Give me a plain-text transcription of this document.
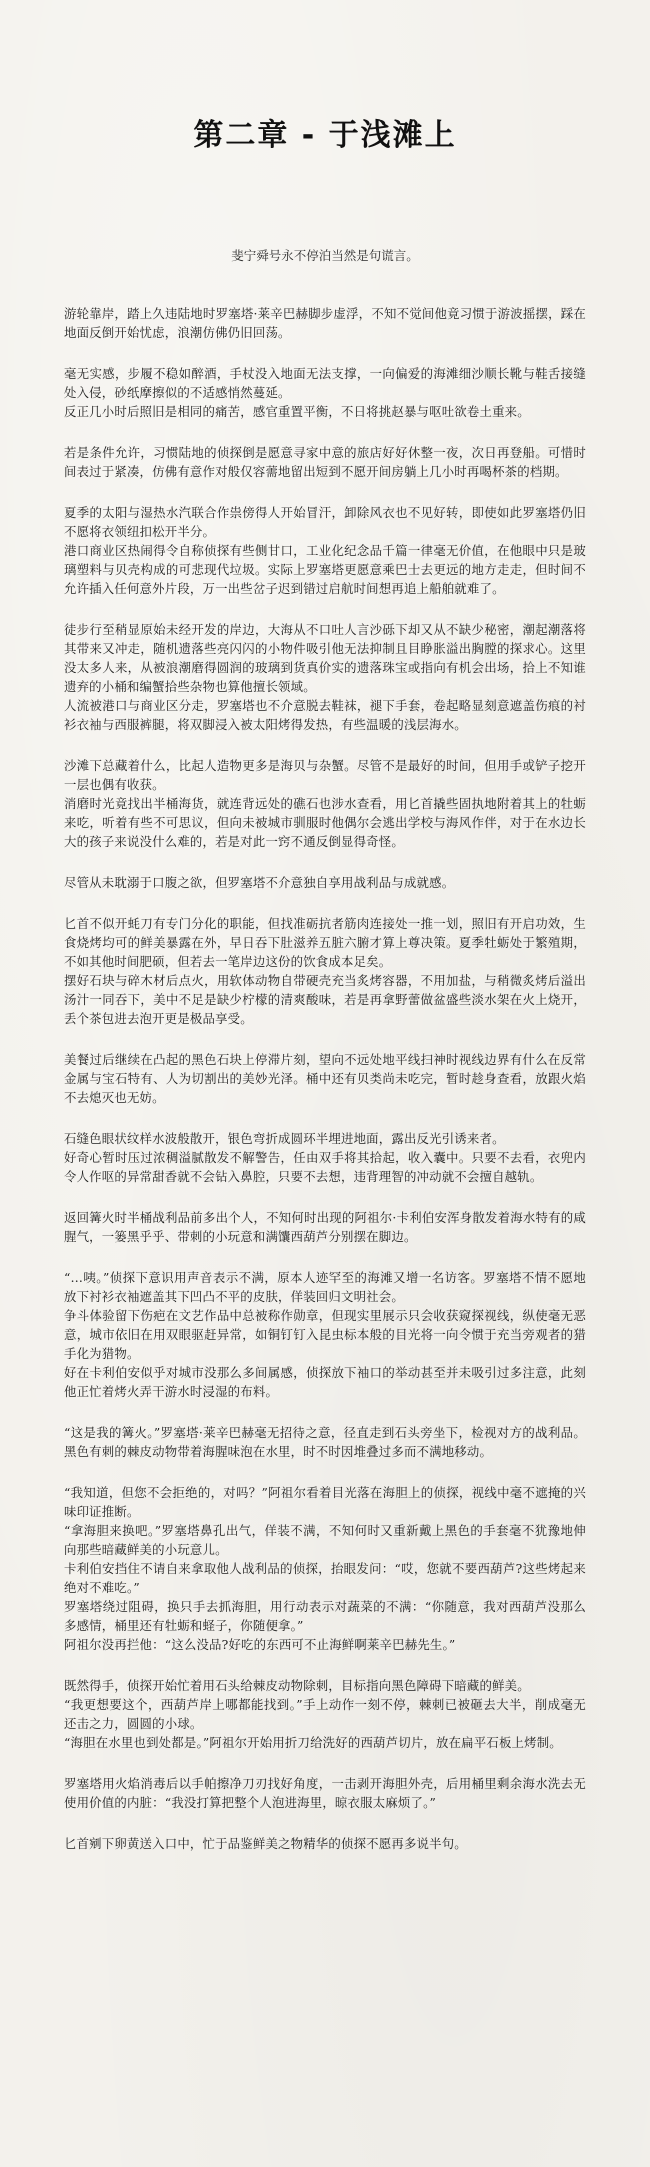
第二章 - 于浅滩上

斐宁舜号永不停泊当然是句谎言。

游轮靠岸，踏上久违陆地时罗塞塔·莱辛巴赫脚步虚浮，不知不觉间他竟习惯于游波摇摆，踩在地面反倒开始忧虑，浪潮仿佛仍旧回荡。

毫无实感，步履不稳如醉酒，手杖没入地面无法支撑，一向偏爱的海滩细沙顺长靴与鞋舌接缝处入侵，砂纸摩擦似的不适感悄然蔓延。

反正几小时后照旧是相同的痛苦，感官重置平衡，不日将挑赵暴与呕吐欲卷土重来。

若是条件允许，习惯陆地的侦探倒是愿意寻家中意的旅店好好休整一夜，次日再登船。可惜时间表过于紧凑，仿佛有意作对般仅容薷地留出短到不愿开间房躺上几小时再喝杯茶的档期。

夏季的太阳与湿热水汽联合作祟傍得人开始冒汗，卸除风衣也不见好转，即使如此罗塞塔仍旧不愿将衣领纽扣松开半分。

港口商业区热闹得令自称侦探有些侧甘口，工业化纪念品千篇一律毫无价值，在他眼中只是玻璃塑料与贝壳构成的可悲现代垃圾。实际上罗塞塔更愿意乘巴士去更远的地方走走，但时间不允许插入任何意外片段，万一出些岔子迟到错过启航时间想再追上船舶就难了。

徒步行至稍显原始未经开发的岸边，大海从不口吐人言沙砾下却又从不缺少秘密，潮起潮落将其带来又冲走，随机遗落些亮闪闪的小物件吸引他无法抑制且目睁胀溢出胸膛的探求心。这里没太多人来，从被浪潮磨得圆润的玻璃到货真价实的遗落珠宝或指向有机会出场，拾上不知谁遗弃的小桶和编蟹拾些杂物也算他擅长领域。

人流被港口与商业区分走，罗塞塔也不介意脱去鞋袜，褪下手套，卷起略显刻意遮盖伤痕的衬衫衣袖与西服裤腿，将双脚浸入被太阳烤得发热，有些温暖的浅层海水。

沙滩下总藏着什么，比起人造物更多是海贝与杂蟹。尽管不是最好的时间，但用手或铲子挖开一层也偶有收获。

消磨时光竟找出半桶海货，就连背远处的礁石也涉水查看，用匕首撬些固执地附着其上的牡蛎来吃，听着有些不可思议，但向未被城市驯服时他偶尔会逃出学校与海风作伴，对于在水边长大的孩子来说没什么难的，若是对此一窍不通反倒显得奇怪。

尽管从未耽溺于口腹之欲，但罗塞塔不介意独自享用战利品与成就感。

匕首不似开蚝刀有专门分化的职能，但找准砺抗者筋肉连接处一推一划，照旧有开启功效，生食烧烤均可的鲜美暴露在外，早日吞下肚滋养五脏六腑才算上尊决策。夏季牡蛎处于繁殖期，不如其他时间肥硕，但若去一笔岸边这份的饮食成本足矣。

摆好石块与碎木材后点火，用软体动物自带硬壳充当炙烤容器，不用加盐，与稍微炙烤后溢出汤汁一同吞下，美中不足是缺少柠檬的清爽酸味，若是再拿野蕾做盆盛些淡水架在火上烧开，丢个茶包进去泡开更是极品享受。

美餐过后继续在凸起的黑色石块上停滞片刻，望向不远处地平线扫神时视线边界有什么在反常金属与宝石特有、人为切割出的美妙光泽。桶中还有贝类尚未吃完，暂时趁身查看，放跟火焰不去熄灭也无妨。

石缝色眼状纹样水波般散开，银色弯折成圆环半埋进地面，露出反光引诱来者。

好奇心暂时压过浓稠溢腻散发不解警告，任由双手将其拾起，收入囊中。只要不去看，衣兜内令人作呕的异常甜香就不会钻入鼻腔，只要不去想，违背理智的冲动就不会擅自越轨。

返回篝火时半桶战利品前多出个人，不知何时出现的阿祖尔·卡利伯安浑身散发着海水特有的咸腥气，一篓黑乎乎、带刺的小玩意和满馕西葫芦分别摆在脚边。

“…咦。”侦探下意识用声音表示不满，原本人迹罕至的海滩又增一名访客。罗塞塔不情不愿地放下衬衫衣袖遮盖其下凹凸不平的皮肤，佯装回归文明社会。

争斗体验留下伤疤在文艺作品中总被称作勋章，但现实里展示只会收获窥探视线，纵使毫无恶意，城市依旧在用双眼驱赶异常，如铜钉钉入昆虫标本般的目光将一向令惯于充当旁观者的猎手化为猎物。

好在卡利伯安似乎对城市没那么多间属感，侦探放下袖口的举动甚至并未吸引过多注意，此刻他正忙着烤火弄干游水时浸湿的布料。

“这是我的篝火。”罗塞塔·莱辛巴赫毫无招待之意，径直走到石头旁坐下，检视对方的战利品。黑色有刺的棘皮动物带着海腥味泡在水里，时不时因堆叠过多而不满地移动。

“我知道，但您不会拒绝的，对吗？”阿祖尔看着目光落在海胆上的侦探，视线中毫不遮掩的兴味印证推断。

“拿海胆来换吧。”罗塞塔鼻孔出气，佯装不满，不知何时又重新戴上黑色的手套毫不犹豫地伸向那些暗藏鲜美的小玩意儿。

卡利伯安挡住不请自来拿取他人战利品的侦探，抬眼发问：“哎，您就不要西葫芦?这些烤起来绝对不难吃。”

罗塞塔绕过阻碍，换只手去抓海胆，用行动表示对蔬菜的不满：“你随意，我对西葫芦没那么多感情，桶里还有牡蛎和蛏子，你随便拿。”

阿祖尔没再拦他：“这么没品?好吃的东西可不止海鲜啊莱辛巴赫先生。”

既然得手，侦探开始忙着用石头给棘皮动物除刺，目标指向黑色障碍下暗藏的鲜美。

“我更想要这个，西葫芦岸上哪都能找到。”手上动作一刻不停，棘刺已被砸去大半，削成毫无还击之力，圆圆的小球。

“海胆在水里也到处都是。”阿祖尔开始用折刀给洗好的西葫芦切片，放在扁平石板上烤制。

罗塞塔用火焰消毒后以手帕擦净刀刃找好角度，一击剥开海胆外壳，后用桶里剩余海水洗去无使用价值的内脏：“我没打算把整个人泡进海里，晾衣服太麻烦了。”

匕首剜下卵黄送入口中，忙于品鉴鲜美之物精华的侦探不愿再多说半句。
